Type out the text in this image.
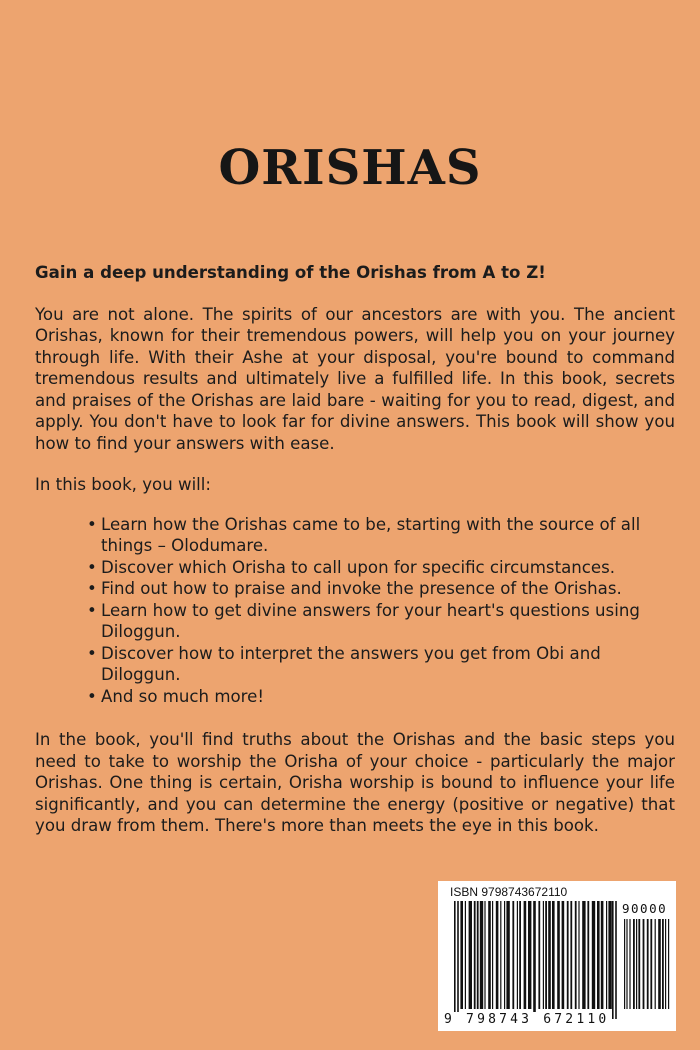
ORISHAS

Gain a deep understanding of the Orishas from A to Z!

You are not alone. The spirits of our ancestors are with you. The ancient Orishas, known for their tremendous powers, will help you on your journey through life. With their Ashe at your disposal, you're bound to command tremendous results and ultimately live a fulfilled life. In this book, secrets and praises of the Orishas are laid bare - waiting for you to read, digest, and apply. You don't have to look far for divine answers. This book will show you how to find your answers with ease.

In this book, you will:

• Learn how the Orishas came to be, starting with the source of all things – Olodumare.
• Discover which Orisha to call upon for specific circumstances.
• Find out how to praise and invoke the presence of the Orishas.
• Learn how to get divine answers for your heart's questions using Diloggun.
• Discover how to interpret the answers you get from Obi and Diloggun.
• And so much more!

In the book, you'll find truths about the Orishas and the basic steps you need to take to worship the Orisha of your choice - particularly the major Orishas. One thing is certain, Orisha worship is bound to influence your life significantly, and you can determine the energy (positive or negative) that you draw from them. There's more than meets the eye in this book.

ISBN 9798743672110
90000
9 798743 672110
